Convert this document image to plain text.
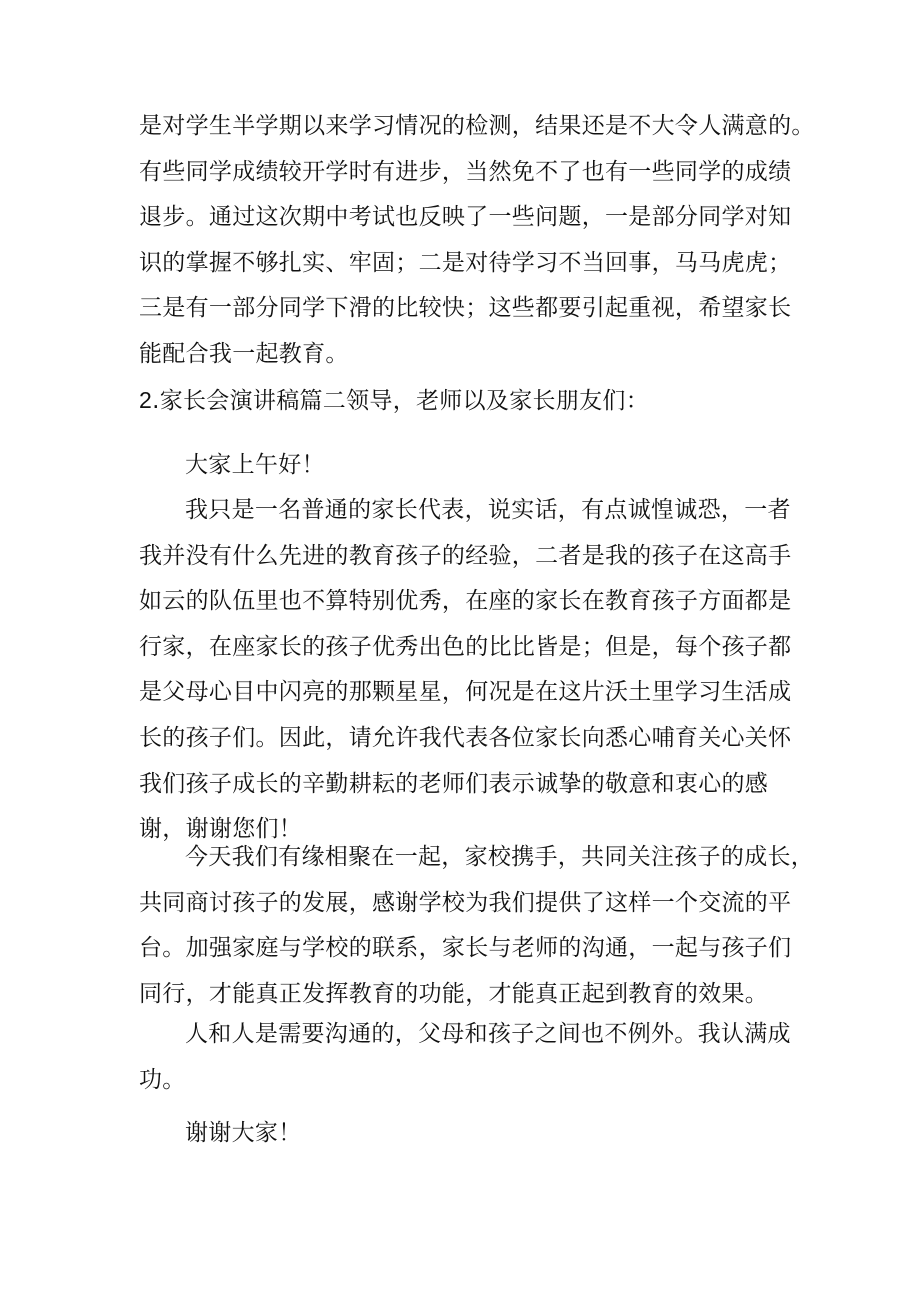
是对学生半学期以来学习情况的检测，结果还是不大令人满意的。
有些同学成绩较开学时有进步，当然免不了也有一些同学的成绩
退步。通过这次期中考试也反映了一些问题，一是部分同学对知
识的掌握不够扎实、牢固；二是对待学习不当回事，马马虎虎；
三是有一部分同学下滑的比较快；这些都要引起重视，希望家长
能配合我一起教育。
2.家长会演讲稿篇二领导，老师以及家长朋友们：
大家上午好！
我只是一名普通的家长代表，说实话，有点诚惶诚恐，一者
我并没有什么先进的教育孩子的经验，二者是我的孩子在这高手
如云的队伍里也不算特别优秀，在座的家长在教育孩子方面都是
行家，在座家长的孩子优秀出色的比比皆是；但是，每个孩子都
是父母心目中闪亮的那颗星星，何况是在这片沃土里学习生活成
长的孩子们。因此，请允许我代表各位家长向悉心哺育关心关怀
我们孩子成长的辛勤耕耘的老师们表示诚挚的敬意和衷心的感
谢，谢谢您们！
今天我们有缘相聚在一起，家校携手，共同关注孩子的成长，
共同商讨孩子的发展，感谢学校为我们提供了这样一个交流的平
台。加强家庭与学校的联系，家长与老师的沟通，一起与孩子们
同行，才能真正发挥教育的功能，才能真正起到教育的效果。
人和人是需要沟通的，父母和孩子之间也不例外。我认满成
功。
谢谢大家！
